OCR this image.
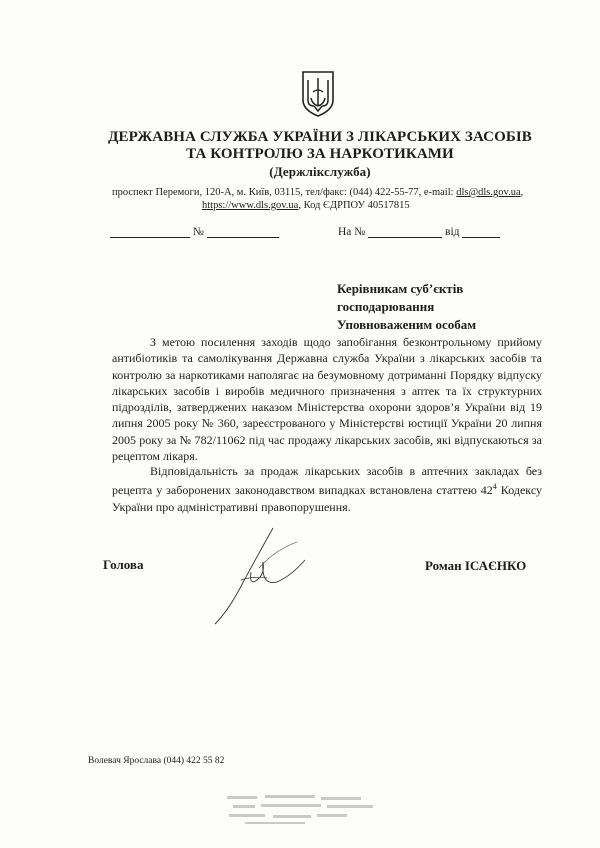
ДЕРЖАВНА СЛУЖБА УКРАЇНИ З ЛІКАРСЬКИХ ЗАСОБІВ
ТА КОНТРОЛЮ ЗА НАРКОТИКАМИ
(Держлікслужба)
проспект Перемоги, 120-А, м. Київ, 03115, тел/факс: (044) 422-55-77, e-mail: dls@dls.gov.ua,
https://www.dls.gov.ua, Код ЄДРПОУ 40517815
№	На №	від
Керівникам суб’єктів
господарювання
Уповноваженим особам
З метою посилення заходів щодо запобігання безконтрольному прийому антибіотиків та самолікування Державна служба України з лікарських засобів та контролю за наркотиками наполягає на безумовному дотриманні Порядку відпуску лікарських засобів і виробів медичного призначення з аптек та їх структурних підрозділів, затверджених наказом Міністерства охорони здоров’я України від 19 липня 2005 року № 360, зареєстрованого у Міністерстві юстиції України 20 липня 2005 року за № 782/11062 під час продажу лікарських засобів, які відпускаються за рецептом лікаря.
Відповідальність за продаж лікарських засобів в аптечних закладах без рецепта у заборонених законодавством випадках встановлена статтею $42^4$ Кодексу України про адміністративні правопорушення.
Голова	Роман ІСАЄНКО
Волевач Ярослава (044) 422 55 82
